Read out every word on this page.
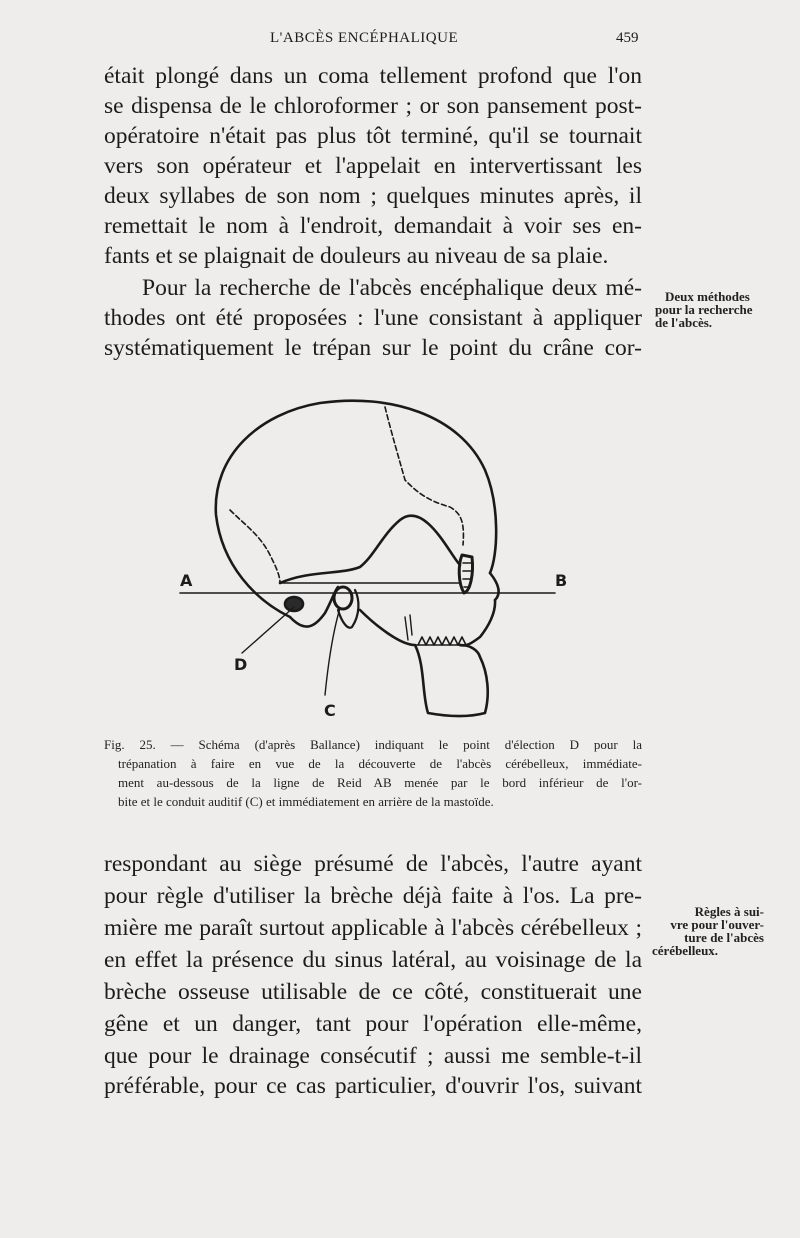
L'ABCÈS ENCÉPHALIQUE	459
était plongé dans un coma tellement profond que l'on
se dispensa de le chloroformer ; or son pansement post-
opératoire n'était pas plus tôt terminé, qu'il se tournait
vers son opérateur et l'appelait en intervertissant les
deux syllabes de son nom ; quelques minutes après, il
remettait le nom à l'endroit, demandait à voir ses en-
fants et se plaignait de douleurs au niveau de sa plaie.
Pour la recherche de l'abcès encéphalique deux mé-
thodes ont été proposées : l'une consistant à appliquer
systématiquement le trépan sur le point du crâne cor-
Deux méthodes
pour la recherche
de l'abcès.
A	B
D
C
Fig. 25. — Schéma (d'après Ballance) indiquant le point d'élection D pour la
trépanation à faire en vue de la découverte de l'abcès cérébelleux, immédiate-
ment au-dessous de la ligne de Reid AB menée par le bord inférieur de l'or-
bite et le conduit auditif (C) et immédiatement en arrière de la mastoïde.
respondant au siège présumé de l'abcès, l'autre ayant
pour règle d'utiliser la brèche déjà faite à l'os. La pre-
mière me paraît surtout applicable à l'abcès cérébelleux ;
en effet la présence du sinus latéral, au voisinage de la
brèche osseuse utilisable de ce côté, constituerait une
gêne et un danger, tant pour l'opération elle-même,
que pour le drainage consécutif ; aussi me semble-t-il
préférable, pour ce cas particulier, d'ouvrir l'os, suivant
Règles à sui-
vre pour l'ouver-
ture de l'abcès
cérébelleux.
